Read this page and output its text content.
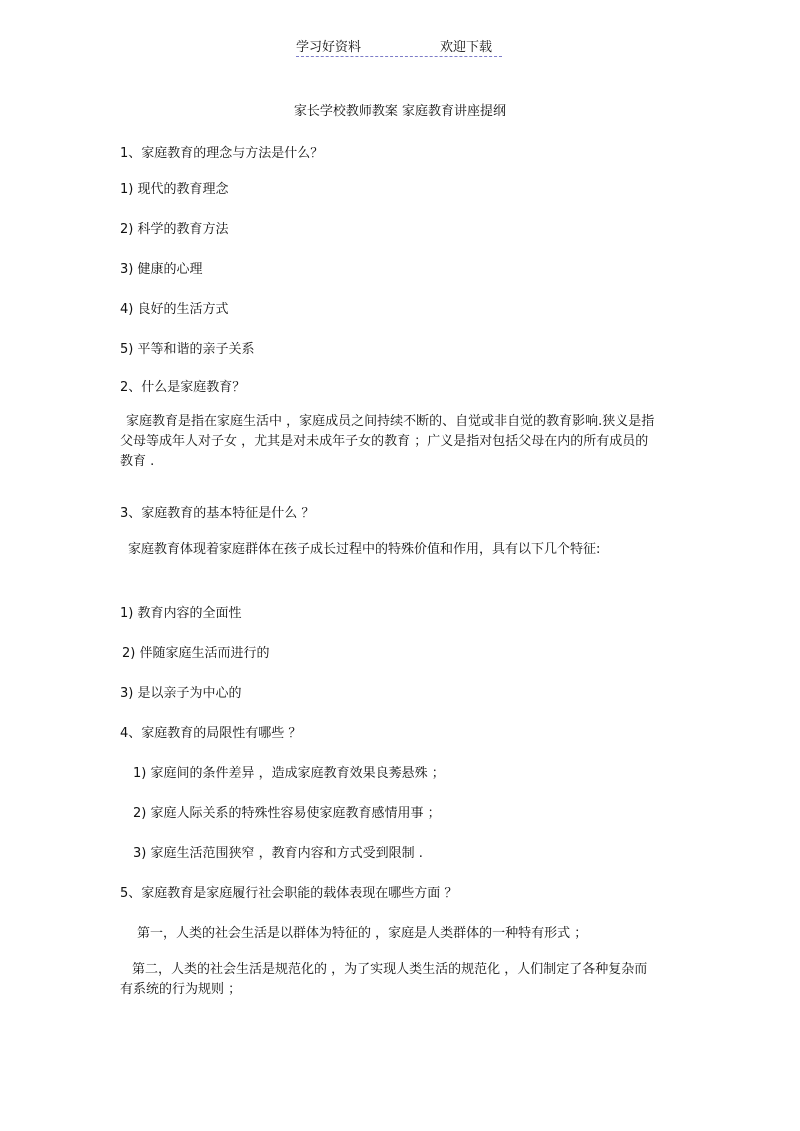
学习好资料	欢迎下载
家长学校教师教案 家庭教育讲座提纲
1、家庭教育的理念与方法是什么？
1) 现代的教育理念
2) 科学的教育方法
3) 健康的心理
4) 良好的生活方式
5) 平等和谐的亲子关系
2、什么是家庭教育？
家庭教育是指在家庭生活中 ，家庭成员之间持续不断的、自觉或非自觉的教育影响.狭义是指父母等成年人对子女 ，尤其是对未成年子女的教育 ；广义是指对包括父母在内的所有成员的教育 .
3、家庭教育的基本特征是什么 ？
家庭教育体现着家庭群体在孩子成长过程中的特殊价值和作用，具有以下几个特征:
1) 教育内容的全面性
2) 伴随家庭生活而进行的
3) 是以亲子为中心的
4、家庭教育的局限性有哪些 ？
1) 家庭间的条件差异 ，造成家庭教育效果良莠悬殊 ；
2) 家庭人际关系的特殊性容易使家庭教育感情用事 ；
3) 家庭生活范围狭窄 ，教育内容和方式受到限制 .
5、家庭教育是家庭履行社会职能的载体表现在哪些方面 ？
第一，人类的社会生活是以群体为特征的 ，家庭是人类群体的一种特有形式 ；
第二，人类的社会生活是规范化的 ，为了实现人类生活的规范化 ，人们制定了各种复杂而有系统的行为规则 ；
